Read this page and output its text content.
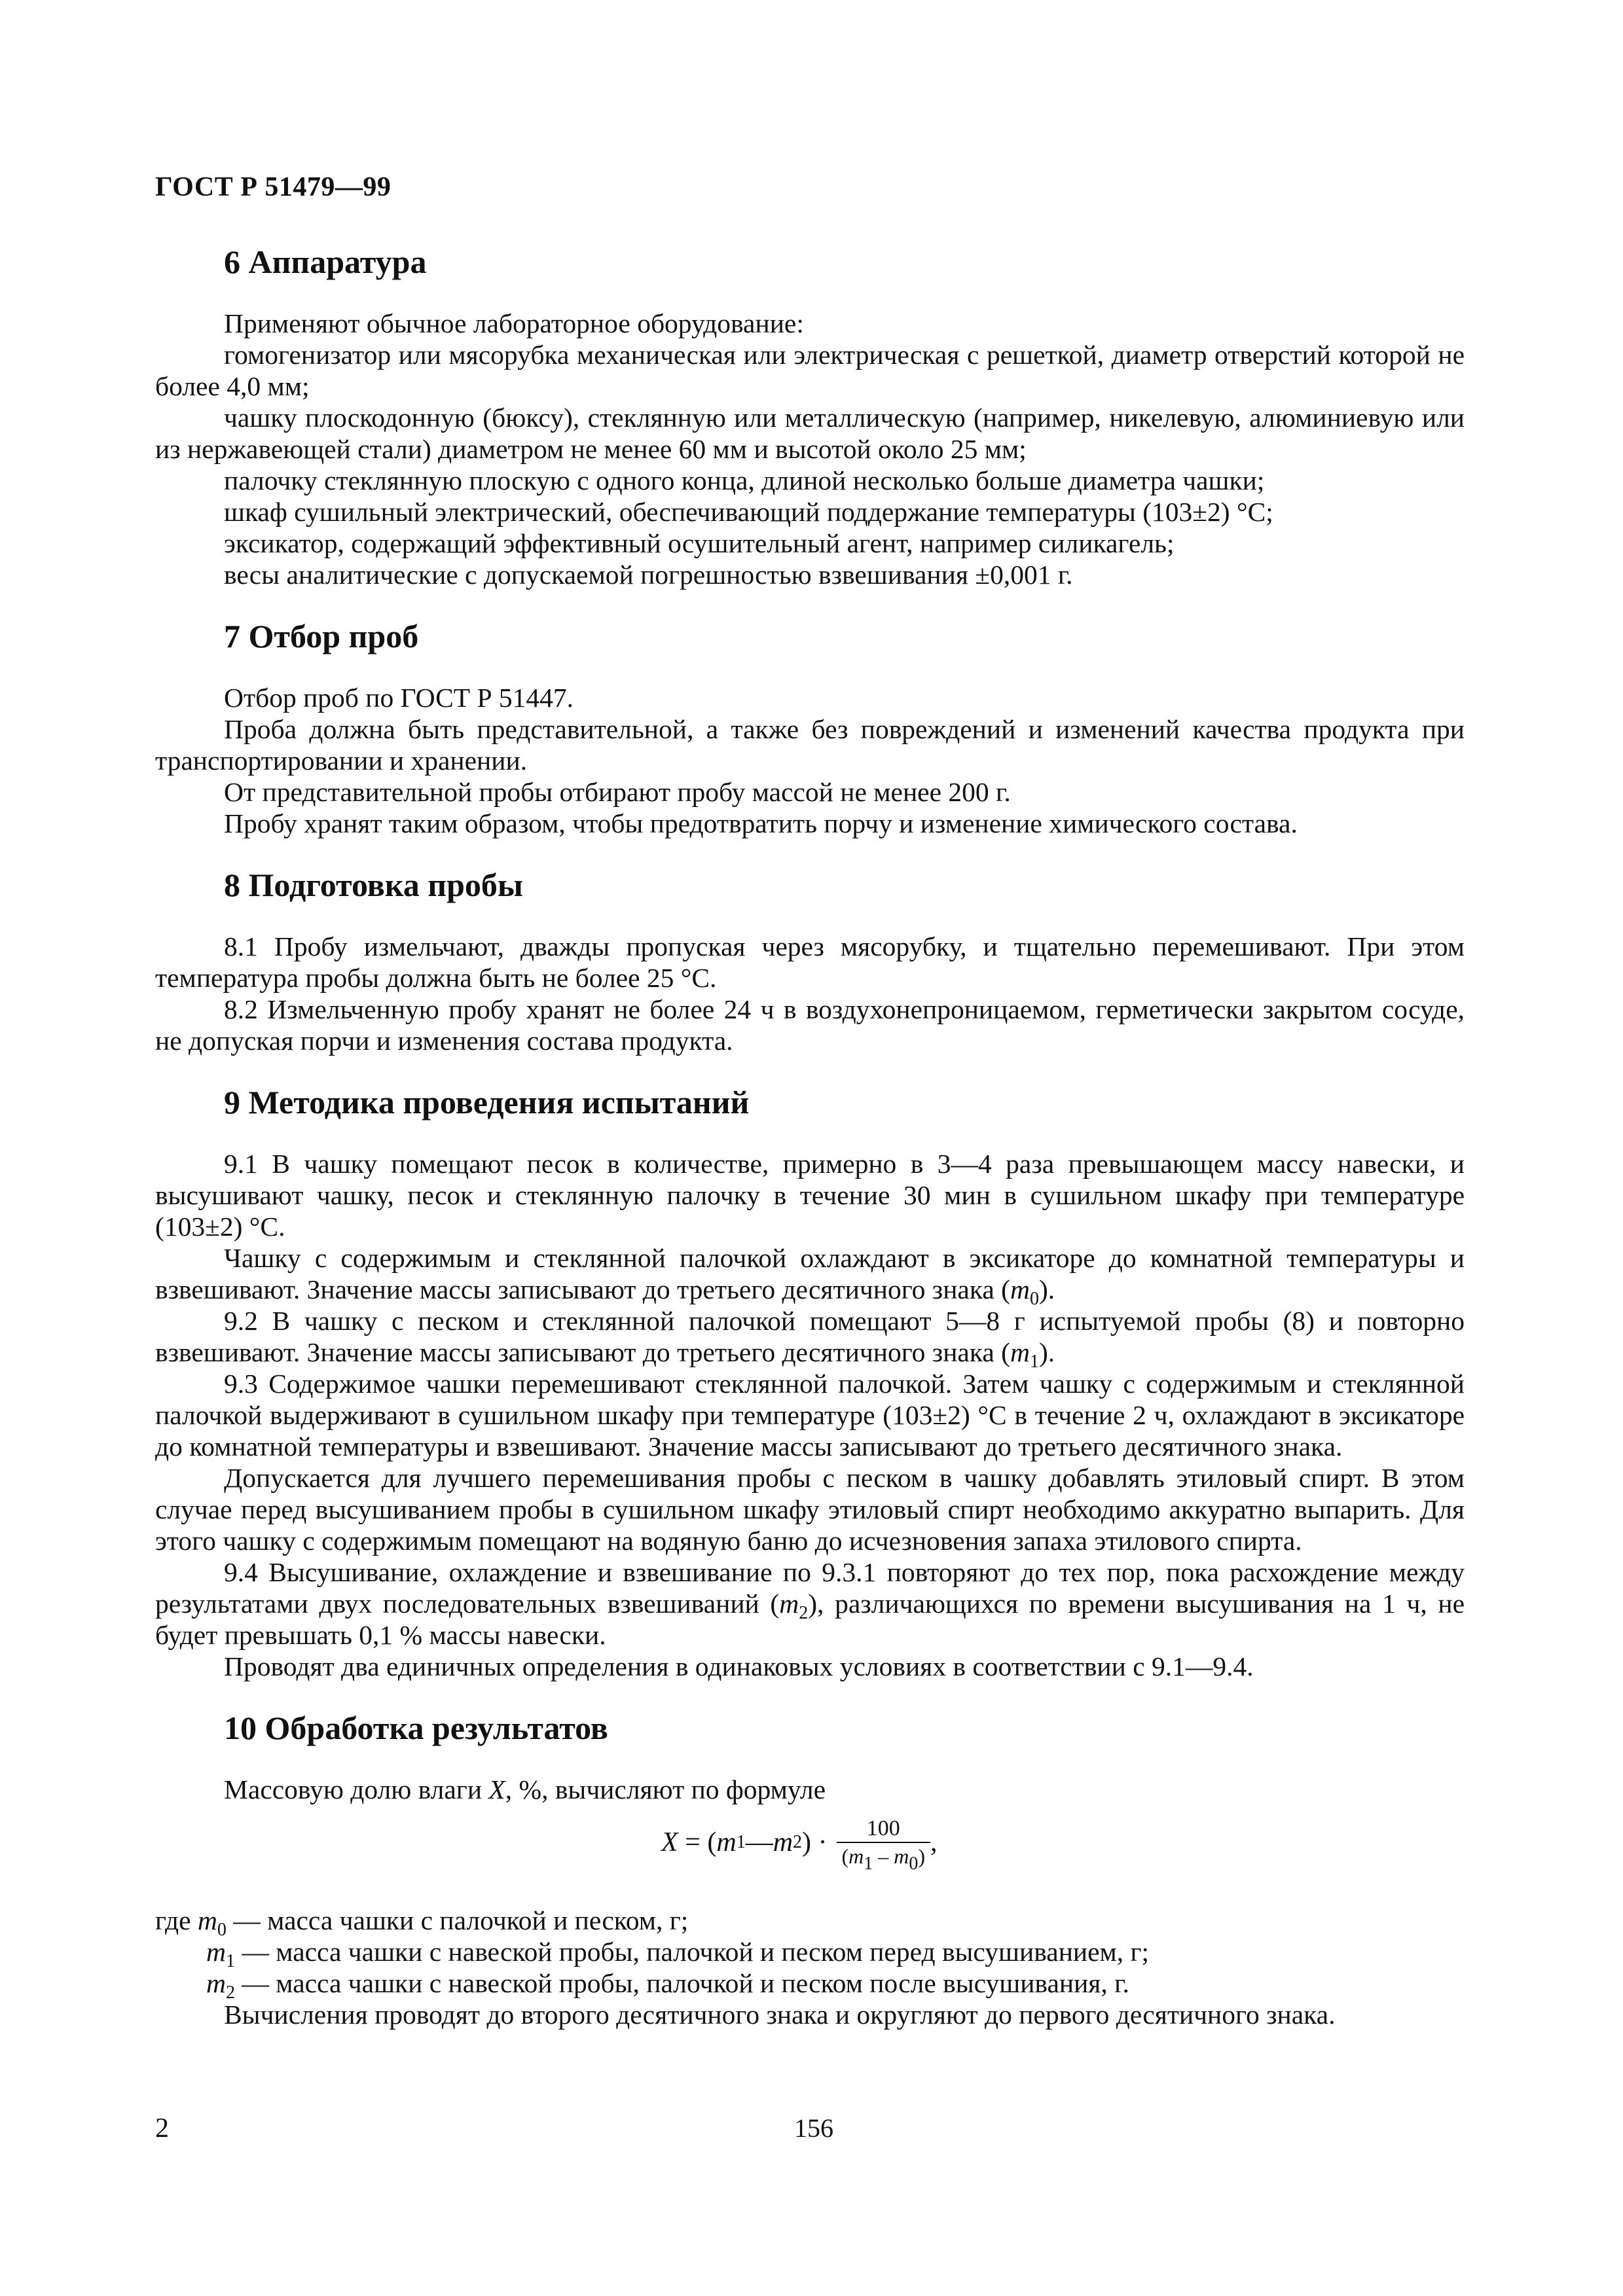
ГОСТ Р 51479—99
6 Аппаратура

Применяют обычное лабораторное оборудование:

гомогенизатор или мясорубка механическая или электрическая с решеткой, диаметр отверстий которой не более 4,0 мм;

чашку плоскодонную (бюксу), стеклянную или металлическую (например, никелевую, алюминиевую или из нержавеющей стали) диаметром не менее 60 мм и высотой около 25 мм;

палочку стеклянную плоскую с одного конца, длиной несколько больше диаметра чашки;

шкаф сушильный электрический, обеспечивающий поддержание температуры (103±2) °C;

эксикатор, содержащий эффективный осушительный агент, например силикагель;

весы аналитические с допускаемой погрешностью взвешивания ±0,001 г.

7 Отбор проб

Отбор проб по ГОСТ Р 51447.

Проба должна быть представительной, а также без повреждений и изменений качества продукта при транспортировании и хранении.

От представительной пробы отбирают пробу массой не менее 200 г.

Пробу хранят таким образом, чтобы предотвратить порчу и изменение химического состава.

8 Подготовка пробы

8.1 Пробу измельчают, дважды пропуская через мясорубку, и тщательно перемешивают. При этом температура пробы должна быть не более 25 °C.

8.2 Измельченную пробу хранят не более 24 ч в воздухонепроницаемом, герметически закрытом сосуде, не допуская порчи и изменения состава продукта.

9 Методика проведения испытаний

9.1 В чашку помещают песок в количестве, примерно в 3—4 раза превышающем массу навески, и высушивают чашку, песок и стеклянную палочку в течение 30 мин в сушильном шкафу при температуре (103±2) °C.

Чашку с содержимым и стеклянной палочкой охлаждают в эксикаторе до комнатной температуры и взвешивают. Значение массы записывают до третьего десятичного знака $(m_0)$.

9.2 В чашку с песком и стеклянной палочкой помещают 5—8 г испытуемой пробы (8) и повторно взвешивают. Значение массы записывают до третьего десятичного знака $(m_1)$.

9.3 Содержимое чашки перемешивают стеклянной палочкой. Затем чашку с содержимым и стеклянной палочкой выдерживают в сушильном шкафу при температуре (103±2) °C в течение 2 ч, охлаждают в эксикаторе до комнатной температуры и взвешивают. Значение массы записывают до третьего десятичного знака.

Допускается для лучшего перемешивания пробы с песком в чашку добавлять этиловый спирт. В этом случае перед высушиванием пробы в сушильном шкафу этиловый спирт необходимо аккуратно выпарить. Для этого чашку с содержимым помещают на водяную баню до исчезновения запаха этилового спирта.

9.4 Высушивание, охлаждение и взвешивание по 9.3.1 повторяют до тех пор, пока расхождение между результатами двух последовательных взвешиваний $(m_2)$, различающихся по времени высушивания на 1 ч, не будет превышать 0,1 % массы навески.

Проводят два единичных определения в одинаковых условиях в соответствии с 9.1—9.4.

10 Обработка результатов

Массовую долю влаги X, %, вычисляют по формуле

X = ( m 1 — m 2 ) · $\frac{100}{(m_1 - m_0)}$ ,
где $m_0$ — масса чашки с палочкой и песком, г;
$m_1$ — масса чашки с навеской пробы, палочкой и песком перед высушиванием, г;
$m_2$ — масса чашки с навеской пробы, палочкой и песком после высушивания, г.

Вычисления проводят до второго десятичного знака и округляют до первого десятичного знака.

2	156
